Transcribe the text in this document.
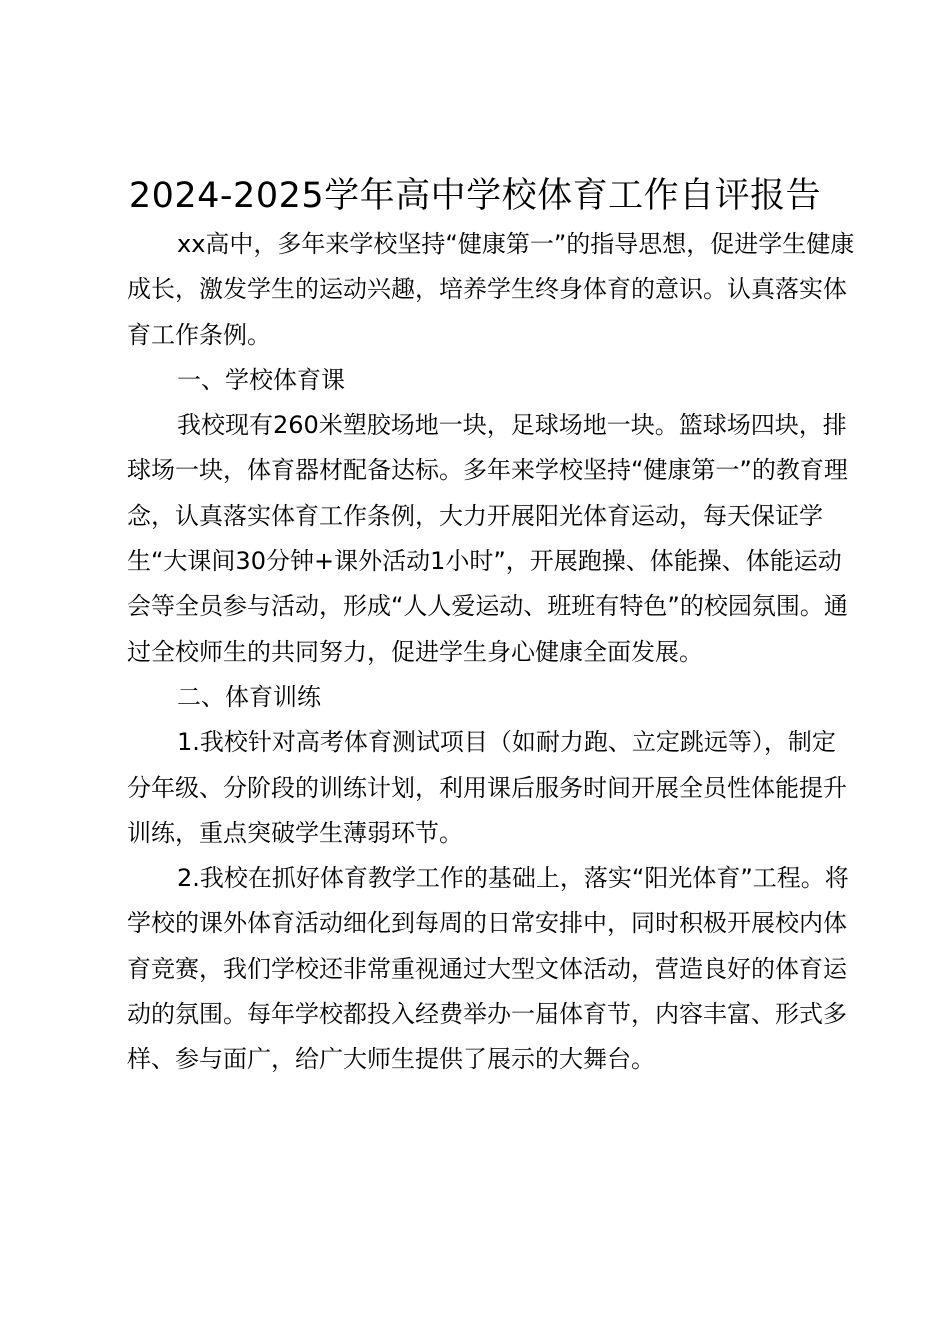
2024-2025学年高中学校体育工作自评报告

xx高中，多年来学校坚持“健康第一”的指导思想，促进学生健康成长，激发学生的运动兴趣，培养学生终身体育的意识。认真落实体育工作条例。

一、学校体育课

我校现有260米塑胶场地一块，足球场地一块。篮球场四块，排球场一块，体育器材配备达标。多年来学校坚持“健康第一”的教育理念，认真落实体育工作条例，大力开展阳光体育运动，每天保证学生“大课间30分钟+课外活动1小时”，开展跑操、体能操、体能运动会等全员参与活动，形成“人人爱运动、班班有特色”的校园氛围。通过全校师生的共同努力，促进学生身心健康全面发展。

二、体育训练

1.我校针对高考体育测试项目（如耐力跑、立定跳远等），制定分年级、分阶段的训练计划，利用课后服务时间开展全员性体能提升训练，重点突破学生薄弱环节。

2.我校在抓好体育教学工作的基础上，落实“阳光体育”工程。将学校的课外体育活动细化到每周的日常安排中，同时积极开展校内体育竞赛，我们学校还非常重视通过大型文体活动，营造良好的体育运动的氛围。每年学校都投入经费举办一届体育节，内容丰富、形式多样、参与面广，给广大师生提供了展示的大舞台。
